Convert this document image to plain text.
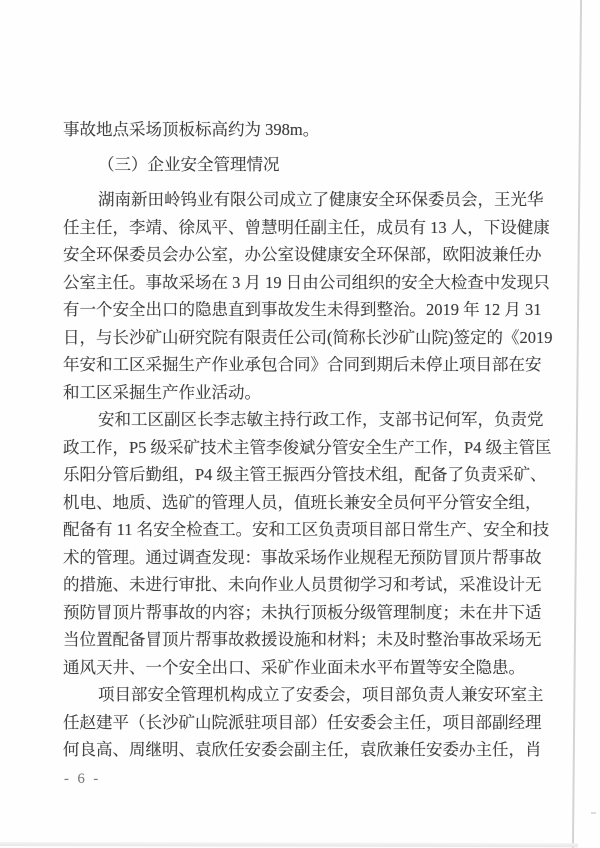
事故地点采场顶板标高约为 398m。
（三）企业安全管理情况
湖南新田岭钨业有限公司成立了健康安全环保委员会，王光华
任主任，李靖、徐凤平、曾慧明任副主任，成员有 13 人，下设健康
安全环保委员会办公室，办公室设健康安全环保部，欧阳波兼任办
公室主任。事故采场在 3 月 19 日由公司组织的安全大检查中发现只
有一个安全出口的隐患直到事故发生未得到整治。2019 年 12 月 31
日，与长沙矿山研究院有限责任公司(简称长沙矿山院)签定的《2019
年安和工区采掘生产作业承包合同》合同到期后未停止项目部在安
和工区采掘生产作业活动。
安和工区副区长李志敏主持行政工作，支部书记何军，负责党
政工作，P5 级采矿技术主管李俊斌分管安全生产工作，P4 级主管匡
乐阳分管后勤组，P4 级主管王振西分管技术组，配备了负责采矿、
机电、地质、选矿的管理人员，值班长兼安全员何平分管安全组，
配备有 11 名安全检查工。安和工区负责项目部日常生产、安全和技
术的管理。通过调查发现：事故采场作业规程无预防冒顶片帮事故
的措施、未进行审批、未向作业人员贯彻学习和考试，采准设计无
预防冒顶片帮事故的内容；未执行顶板分级管理制度；未在井下适
当位置配备冒顶片帮事故救援设施和材料；未及时整治事故采场无
通风天井、一个安全出口、采矿作业面未水平布置等安全隐患。
项目部安全管理机构成立了安委会，项目部负责人兼安环室主
任赵建平（长沙矿山院派驻项目部）任安委会主任，项目部副经理
何良高、周继明、袁欣任安委会副主任，袁欣兼任安委办主任，肖
- 6 -
